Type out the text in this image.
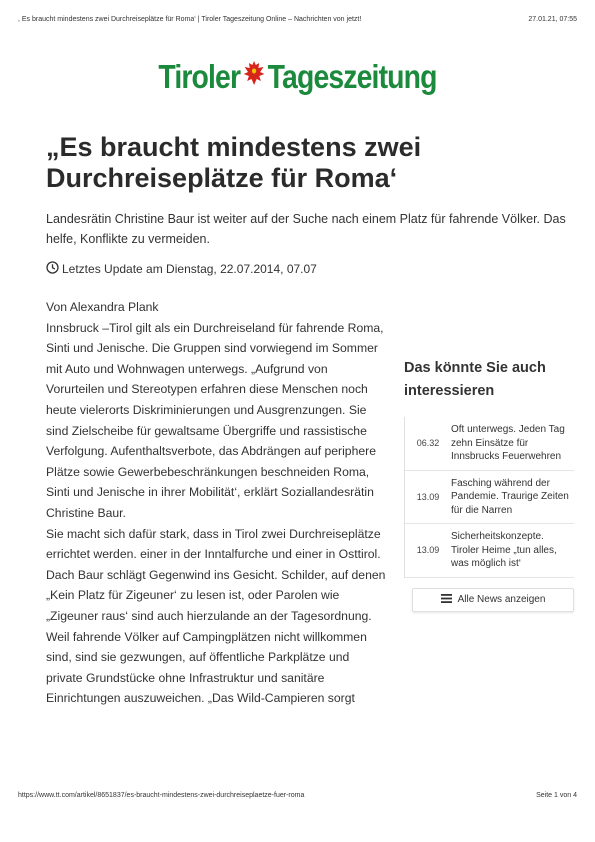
, Es braucht mindestens zwei Durchreiseplätze für Roma‘ | Tiroler Tageszeitung Online – Nachrichten von jetzt!	27.01.21, 07:55
Tiroler Tageszeitung
„Es braucht mindestens zwei Durchreiseplätze für Roma‘
Landesrätin Christine Baur ist weiter auf der Suche nach einem Platz für fahrende Völker. Das helfe, Konflikte zu vermeiden.
Letztes Update am Dienstag, 22.07.2014, 07.07

Von Alexandra Plank

Innsbruck –Tirol gilt als ein Durchreiseland für fahrende Roma, Sinti und Jenische. Die Gruppen sind vorwiegend im Sommer mit Auto und Wohnwagen unterwegs. „Aufgrund von Vorurteilen und Stereotypen erfahren diese Menschen noch heute vielerorts Diskriminierungen und Ausgrenzungen. Sie sind Zielscheibe für gewaltsame Übergriffe und rassistische Verfolgung. Aufenthaltsverbote, das Abdrängen auf periphere Plätze sowie Gewerbebeschränkungen beschneiden Roma, Sinti und Jenische in ihrer Mobilität‘, erklärt Soziallandesrätin Christine Baur.

Sie macht sich dafür stark, dass in Tirol zwei Durchreiseplätze errichtet werden. einer in der Inntalfurche und einer in Osttirol. Dach Baur schlägt Gegenwind ins Gesicht. Schilder, auf denen „Kein Platz für Zigeuner‘ zu lesen ist, oder Parolen wie „Zigeuner raus‘ sind auch hierzulande an der Tagesordnung. Weil fahrende Völker auf Campingplätzen nicht willkommen sind, sind sie gezwungen, auf öffentliche Parkplätze und private Grundstücke ohne Infrastruktur und sanitäre Einrichtungen auszuweichen. „Das Wild-Campieren sorgt

Das könnte Sie auch interessieren
06.32
Oft unterwegs. Jeden Tag zehn Einsätze für Innsbrucks Feuerwehren
13.09
Fasching während der Pandemie. Traurige Zeiten für die Narren
13.09
Sicherheitskonzepte. Tiroler Heime „tun alles, was möglich ist‘
Alle News anzeigen
https://www.tt.com/artikel/8651837/es-braucht-mindestens-zwei-durchreiseplaetze-fuer-roma	Seite 1 von 4
